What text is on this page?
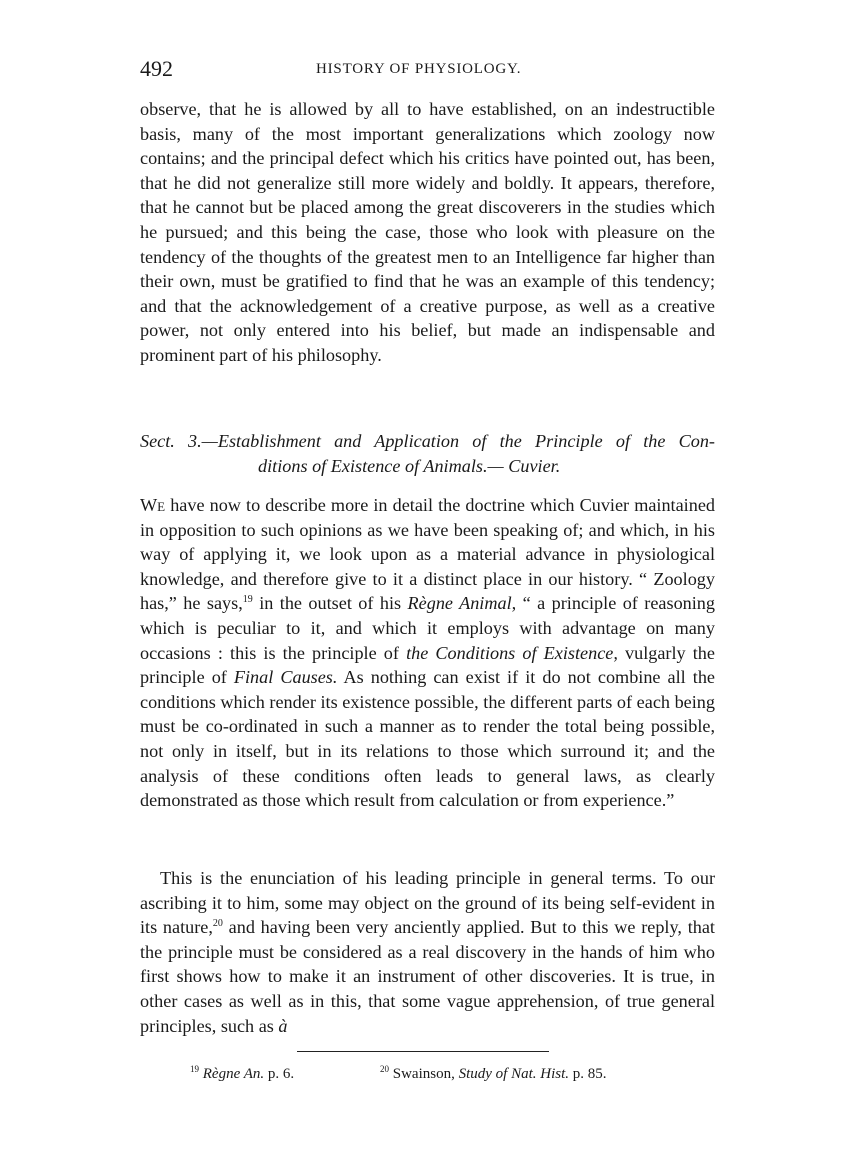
492	HISTORY OF PHYSIOLOGY.

observe, that he is allowed by all to have established, on an indestructible basis, many of the most important generalizations which zoology now contains; and the principal defect which his critics have pointed out, has been, that he did not generalize still more widely and boldly. It appears, therefore, that he cannot but be placed among the great discoverers in the studies which he pursued; and this being the case, those who look with pleasure on the tendency of the thoughts of the greatest men to an Intelligence far higher than their own, must be gratified to find that he was an example of this tendency; and that the acknowledgement of a creative purpose, as well as a creative power, not only entered into his belief, but made an indispensable and prominent part of his philosophy.

Sect. 3.—Establishment and Application of the Principle of the Con-
ditions of Existence of Animals.— Cuvier.

We have now to describe more in detail the doctrine which Cuvier maintained in opposition to such opinions as we have been speaking of; and which, in his way of applying it, we look upon as a material advance in physiological knowledge, and therefore give to it a distinct place in our history. “ Zoology has,” he says,$^{19}$ in the outset of his Règne Animal, “ a principle of reasoning which is peculiar to it, and which it employs with advantage on many occasions : this is the principle of the Conditions of Existence, vulgarly the principle of Final Causes. As nothing can exist if it do not combine all the conditions which render its existence possible, the different parts of each being must be co-ordinated in such a manner as to render the total being possible, not only in itself, but in its relations to those which surround it; and the analysis of these conditions often leads to general laws, as clearly demonstrated as those which result from calculation or from experience.”

This is the enunciation of his leading principle in general terms. To our ascribing it to him, some may object on the ground of its being self-evident in its nature,$^{20}$ and having been very anciently applied. But to this we reply, that the principle must be considered as a real discovery in the hands of him who first shows how to make it an instrument of other discoveries. It is true, in other cases as well as in this, that some vague apprehension, of true general principles, such as à

$^{19}$ Règne An. p. 6.	$^{20}$ Swainson, Study of Nat. Hist. p. 85.
